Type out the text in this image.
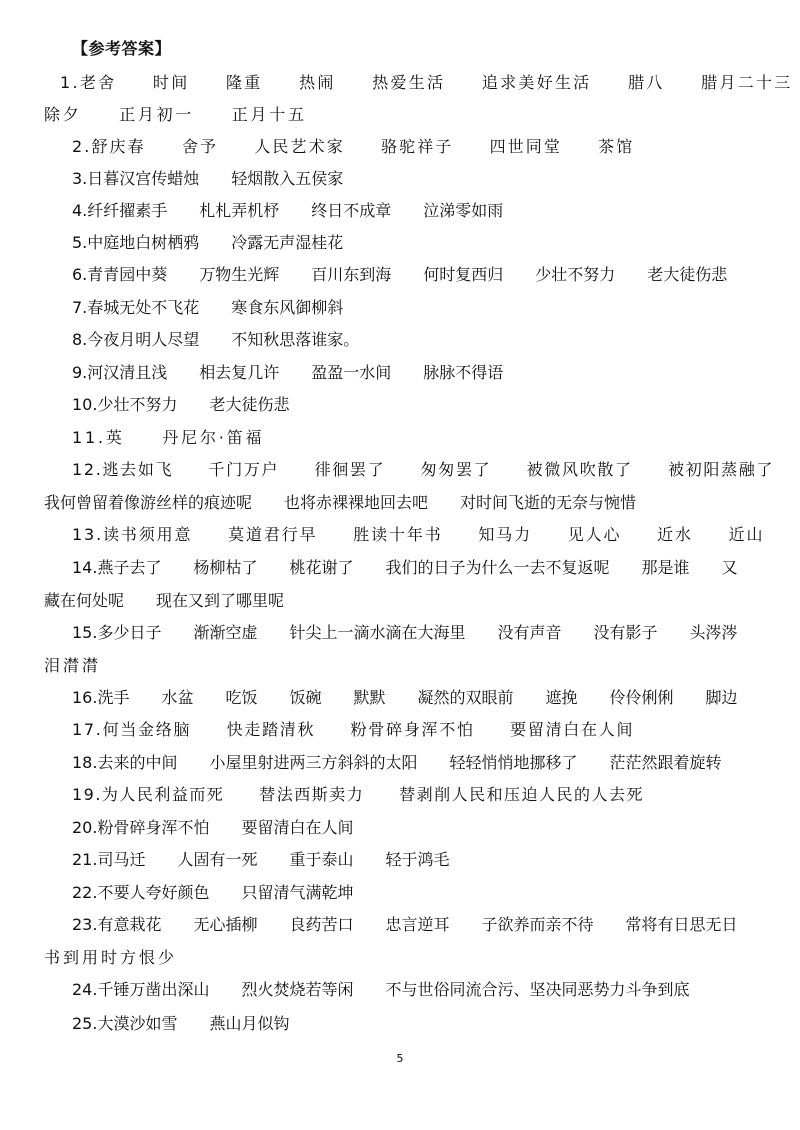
【参考答案】
1.老舍　　时间　　隆重　　热闹　　热爱生活　　追求美好生活　　腊八　　腊月二十三
除夕　　正月初一　　正月十五
2.舒庆春　　舍予　　人民艺术家　　骆驼祥子　　四世同堂　　茶馆
3.日暮汉宫传蜡烛　　轻烟散入五侯家
4.纤纤擢素手　　札札弄机杼　　终日不成章　　泣涕零如雨
5.中庭地白树栖鸦　　冷露无声湿桂花
6.青青园中葵　　万物生光辉　　百川东到海　　何时复西归　　少壮不努力　　老大徒伤悲
7.春城无处不飞花　　寒食东风御柳斜
8.今夜月明人尽望　　不知秋思落谁家。
9.河汉清且浅　　相去复几许　　盈盈一水间　　脉脉不得语
10.少壮不努力　　老大徒伤悲
11.英　　丹尼尔·笛福
12.逃去如飞　　千门万户　　徘徊罢了　　匆匆罢了　　被微风吹散了　　被初阳蒸融了
我何曾留着像游丝样的痕迹呢　　也将赤裸裸地回去吧　　对时间飞逝的无奈与惋惜
13.读书须用意　　莫道君行早　　胜读十年书　　知马力　　见人心　　近水　　近山
14.燕子去了　　杨柳枯了　　桃花谢了　　我们的日子为什么一去不复返呢　　那是谁　　又
藏在何处呢　　现在又到了哪里呢
15.多少日子　　渐渐空虚　　针尖上一滴水滴在大海里　　没有声音　　没有影子　　头涔涔
泪潸潸
16.洗手　　水盆　　吃饭　　饭碗　　默默　　凝然的双眼前　　遮挽　　伶伶俐俐　　脚边
17.何当金络脑　　快走踏清秋　　粉骨碎身浑不怕　　要留清白在人间
18.去来的中间　　小屋里射进两三方斜斜的太阳　　轻轻悄悄地挪移了　　茫茫然跟着旋转
19.为人民利益而死　　替法西斯卖力　　替剥削人民和压迫人民的人去死
20.粉骨碎身浑不怕　　要留清白在人间
21.司马迁　　人固有一死　　重于泰山　　轻于鸿毛
22.不要人夸好颜色　　只留清气满乾坤
23.有意栽花　　无心插柳　　良药苦口　　忠言逆耳　　子欲养而亲不待　　常将有日思无日
书到用时方恨少
24.千锤万凿出深山　　烈火焚烧若等闲　　不与世俗同流合污、坚决同恶势力斗争到底
25.大漠沙如雪　　燕山月似钩
5
